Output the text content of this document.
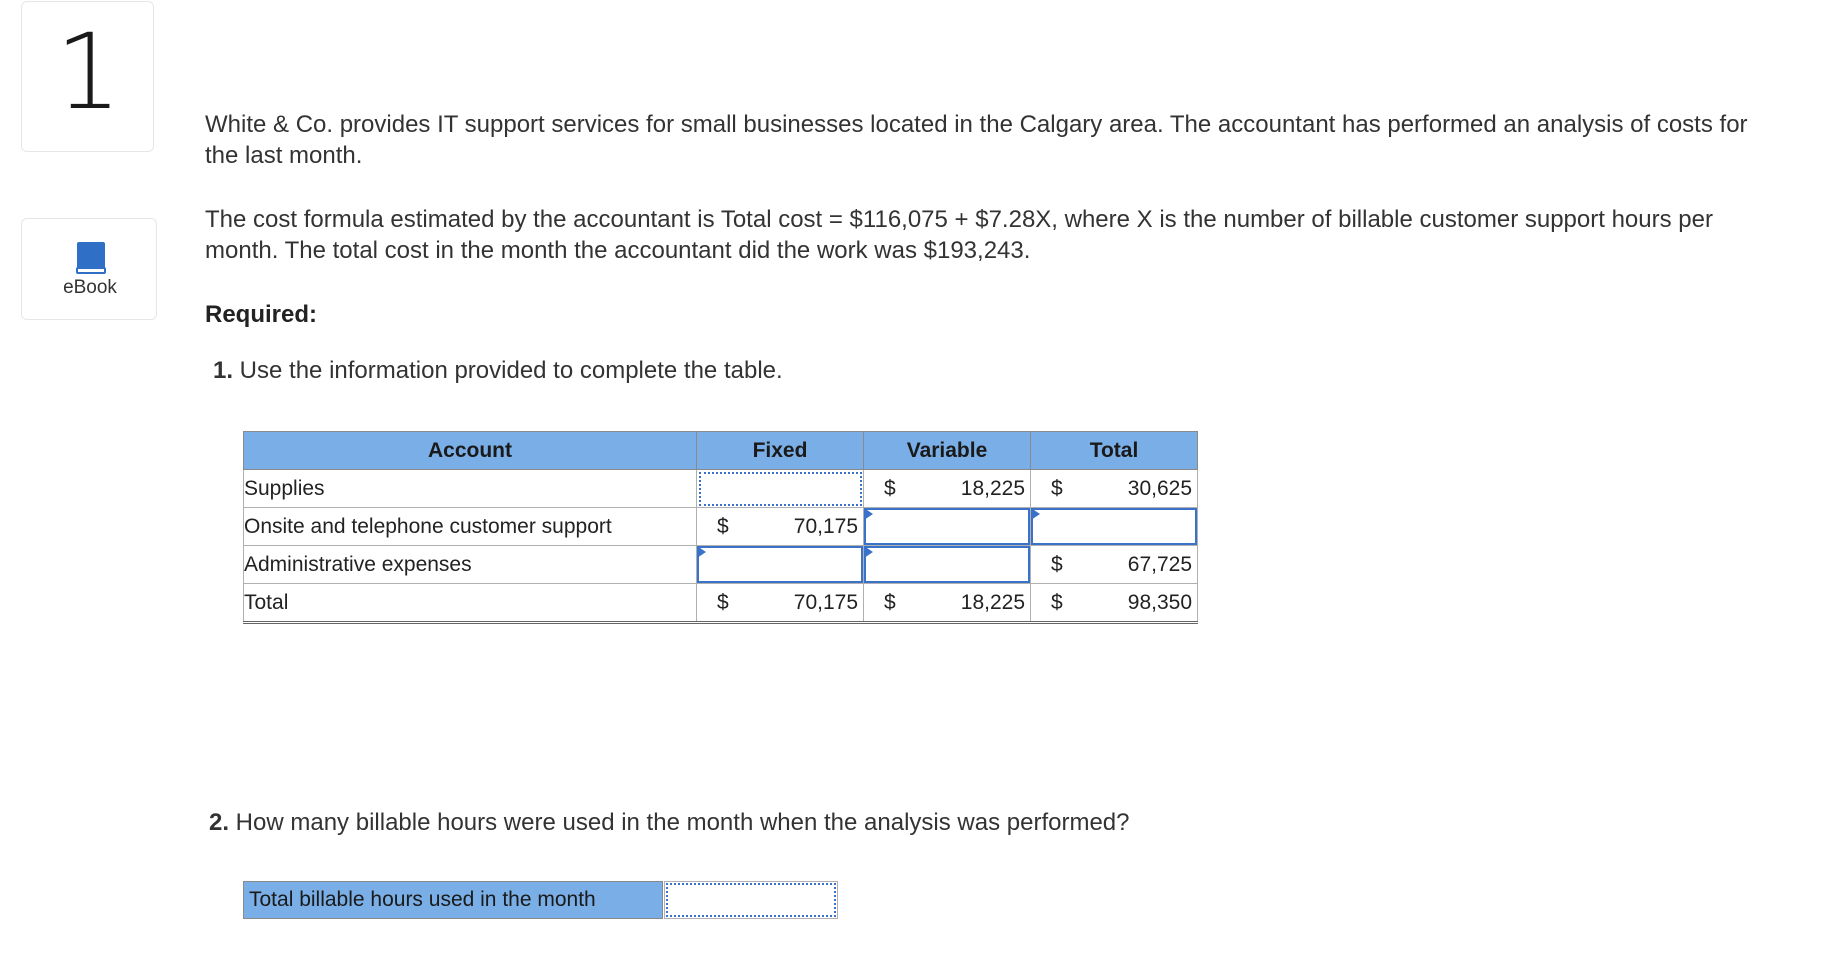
1
eBook
White & Co. provides IT support services for small businesses located in the Calgary area. The accountant has performed an analysis of costs for the last month.
The cost formula estimated by the accountant is Total cost = $116,075 + $7.28X, where X is the number of billable customer support hours per month. The total cost in the month the accountant did the work was $193,243.
Required:
1. Use the information provided to complete the table.
2. How many billable hours were used in the month when the analysis was performed?
Account	Fixed	Variable	Total
Supplies		$ 18,225	$ 30,625

Onsite and telephone customer support	$ 70,175		

Administrative expenses			$ 67,725

Total	$ 70,175	$ 18,225	$ 98,350
Total billable hours used in the month
